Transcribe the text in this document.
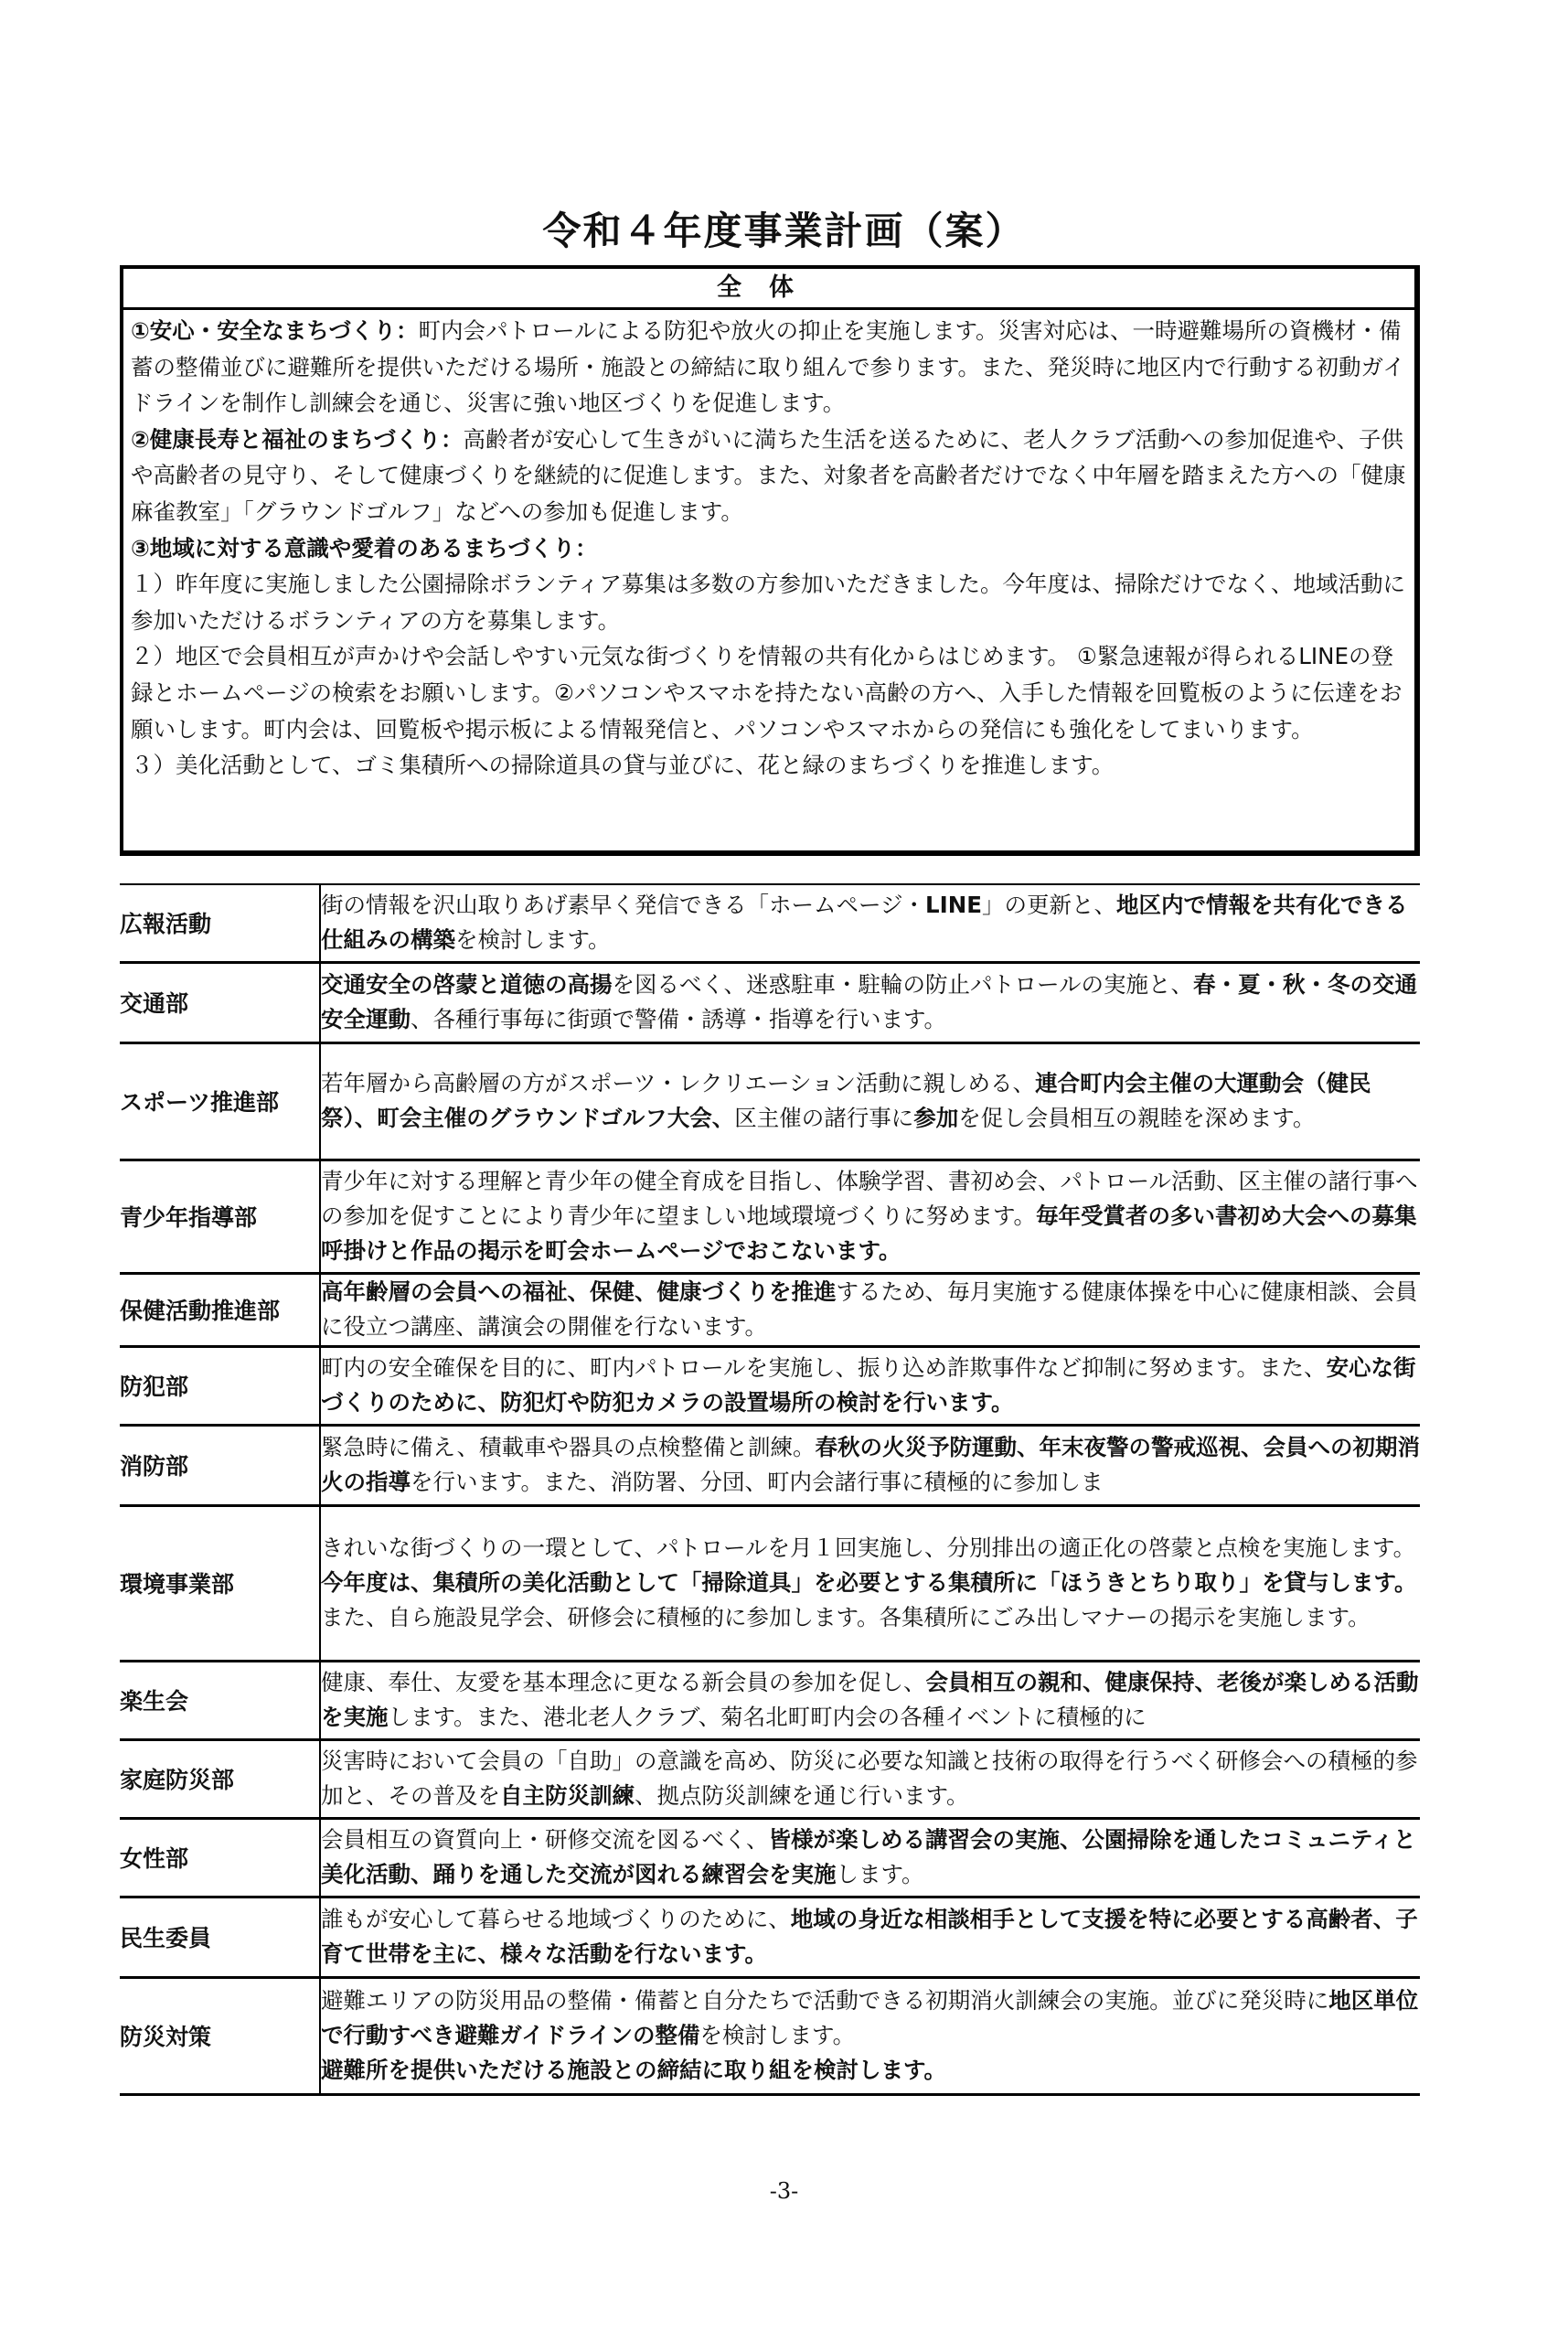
令和４年度事業計画（案）
全体

①安心・安全なまちづくり：町内会パトロールによる防犯や放火の抑止を実施します。災害対応は、一時避難場所の資機材・備蓄の整備並びに避難所を提供いただける場所・施設との締結に取り組んで参ります。また、発災時に地区内で行動する初動ガイドラインを制作し訓練会を通じ、災害に強い地区づくりを促進します。

②健康長寿と福祉のまちづくり：高齢者が安心して生きがいに満ちた生活を送るために、老人クラブ活動への参加促進や、子供や高齢者の見守り、そして健康づくりを継続的に促進します。また、対象者を高齢者だけでなく中年層を踏まえた方への「健康麻雀教室」「グラウンドゴルフ」などへの参加も促進します。

③地域に対する意識や愛着のあるまちづくり：

１）昨年度に実施しました公園掃除ボランティア募集は多数の方参加いただきました。今年度は、掃除だけでなく、地域活動に参加いただけるボランティアの方を募集します。

２）地区で会員相互が声かけや会話しやすい元気な街づくりを情報の共有化からはじめます。 ①緊急速報が得られるLINEの登録とホームページの検索をお願いします。②パソコンやスマホを持たない高齢の方へ、入手した情報を回覧板のように伝達をお願いします。町内会は、回覧板や掲示板による情報発信と、パソコンやスマホからの発信にも強化をしてまいります。

３）美化活動として、ゴミ集積所への掃除道具の貸与並びに、花と緑のまちづくりを推進します。

広報活動	街の情報を沢山取りあげ素早く発信できる「ホームページ・LINE」の更新と、地区内で情報を共有化できる仕組みの構築を検討します。
交通部	交通安全の啓蒙と道徳の高揚を図るべく、迷惑駐車・駐輪の防止パトロールの実施と、春・夏・秋・冬の交通安全運動、各種行事毎に街頭で警備・誘導・指導を行います。
スポーツ推進部	若年層から高齢層の方がスポーツ・レクリエーション活動に親しめる、連合町内会主催の大運動会（健民祭）、町会主催のグラウンドゴルフ大会、区主催の諸行事に参加を促し会員相互の親睦を深めます。
青少年指導部	青少年に対する理解と青少年の健全育成を目指し、体験学習、書初め会、パトロール活動、区主催の諸行事への参加を促すことにより青少年に望ましい地域環境づくりに努めます。毎年受賞者の多い書初め大会への募集呼掛けと作品の掲示を町会ホームページでおこないます。
保健活動推進部	高年齢層の会員への福祉、保健、健康づくりを推進するため、毎月実施する健康体操を中心に健康相談、会員に役立つ講座、講演会の開催を行ないます。
防犯部	町内の安全確保を目的に、町内パトロールを実施し、振り込め詐欺事件など抑制に努めます。また、安心な街づくりのために、防犯灯や防犯カメラの設置場所の検討を行います。
消防部	緊急時に備え、積載車や器具の点検整備と訓練。春秋の火災予防運動、年末夜警の警戒巡視、会員への初期消火の指導を行います。また、消防署、分団、町内会諸行事に積極的に参加しま
環境事業部	きれいな街づくりの一環として、パトロールを月１回実施し、分別排出の適正化の啓蒙と点検を実施します。今年度は、集積所の美化活動として「掃除道具」を必要とする集積所に「ほうきとちり取り」を貸与します。また、自ら施設見学会、研修会に積極的に参加します。各集積所にごみ出しマナーの掲示を実施します。
楽生会	健康、奉仕、友愛を基本理念に更なる新会員の参加を促し、会員相互の親和、健康保持、老後が楽しめる活動を実施します。また、港北老人クラブ、菊名北町町内会の各種イベントに積極的に
家庭防災部	災害時において会員の「自助」の意識を高め、防災に必要な知識と技術の取得を行うべく研修会への積極的参加と、その普及を自主防災訓練、拠点防災訓練を通じ行います。
女性部	会員相互の資質向上・研修交流を図るべく、皆様が楽しめる講習会の実施、公園掃除を通したコミュニティと美化活動、踊りを通した交流が図れる練習会を実施します。
民生委員	誰もが安心して暮らせる地域づくりのために、地域の身近な相談相手として支援を特に必要とする高齢者、子育て世帯を主に、様々な活動を行ないます。
防災対策	避難エリアの防災用品の整備・備蓄と自分たちで活動できる初期消火訓練会の実施。並びに発災時に地区単位で行動すべき避難ガイドラインの整備を検討します。
避難所を提供いただける施設との締結に取り組を検討します。
-3-
